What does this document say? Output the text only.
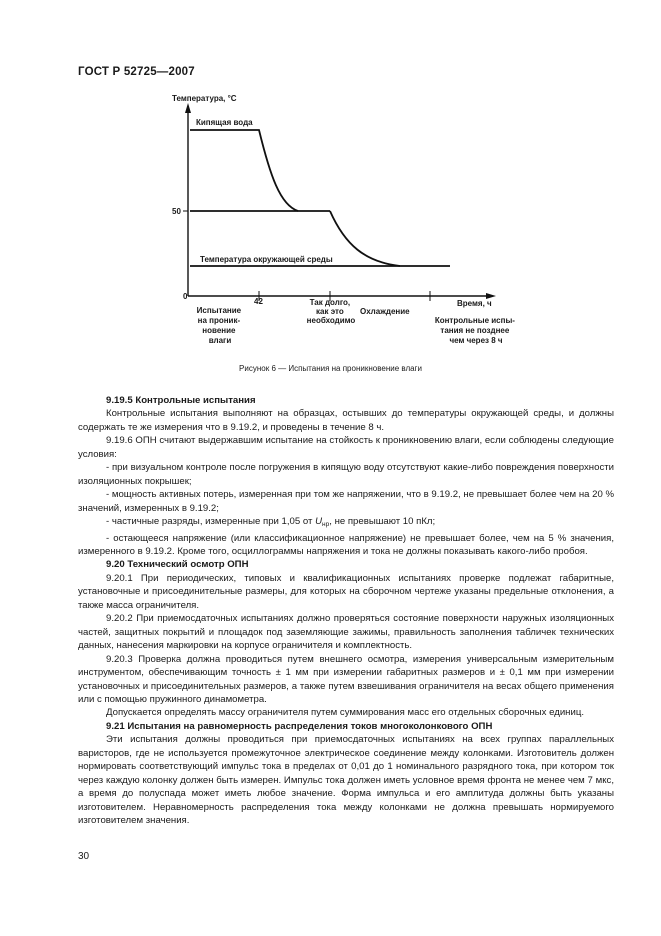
ГОСТ Р 52725—2007
Температура, °C
Кипящая вода
50
Температура окружающей среды
0
42	Время, ч
Охлаждение
Испытание на проник- новение влаги
Так долго, как это необходимо	Контрольные испы- тания не позднее чем через 8 ч
Рисунок 6 — Испытания на проникновение влаги

9.19.5 Контрольные испытания

Контрольные испытания выполняют на образцах, остывших до температуры окружающей среды, и должны содержать те же измерения что в 9.19.2, и проведены в течение 8 ч.

9.19.6 ОПН считают выдержавшим испытание на стойкость к проникновению влаги, если соблюдены следующие условия:

- при визуальном контроле после погружения в кипящую воду отсутствуют какие-либо повреждения поверхности изоляционных покрышек;

- мощность активных потерь, измеренная при том же напряжении, что в 9.19.2, не превышает более чем на 20 % значений, измеренных в 9.19.2;

- частичные разряды, измеренные при 1,05 от $U_{нр}$, не превышают 10 пКл;

- остающееся напряжение (или классификационное напряжение) не превышает более, чем на 5 % значения, измеренного в 9.19.2. Кроме того, осциллограммы напряжения и тока не должны показывать какого-либо пробоя.

9.20 Технический осмотр ОПН

9.20.1 При периодических, типовых и квалификационных испытаниях проверке подлежат габаритные, установочные и присоединительные размеры, для которых на сборочном чертеже указаны предельные отклонения, а также масса ограничителя.

9.20.2 При приемосдаточных испытаниях должно проверяться состояние поверхности наружных изоляционных частей, защитных покрытий и площадок под заземляющие зажимы, правильность заполнения табличек технических данных, нанесения маркировки на корпусе ограничителя и комплектность.

9.20.3 Проверка должна проводиться путем внешнего осмотра, измерения универсальным измерительным инструментом, обеспечивающим точность ± 1 мм при измерении габаритных размеров и ± 0,1 мм при измерении установочных и присоединительных размеров, а также путем взвешивания ограничителя на весах общего применения или с помощью пружинного динамометра.

Допускается определять массу ограничителя путем суммирования масс его отдельных сборочных единиц.

9.21 Испытания на равномерность распределения токов многоколонкового ОПН

Эти испытания должны проводиться при приемосдаточных испытаниях на всех группах параллельных варисторов, где не используется промежуточное электрическое соединение между колонками. Изготовитель должен нормировать соответствующий импульс тока в пределах от 0,01 до 1 номинального разрядного тока, при котором ток через каждую колонку должен быть измерен. Импульс тока должен иметь условное время фронта не менее чем 7 мкс, а время до полуспада может иметь любое значение. Форма импульса и его амплитуда должны быть указаны изготовителем. Неравномерность распределения тока между колонками не должна превышать нормируемого изготовителем значения.

30
